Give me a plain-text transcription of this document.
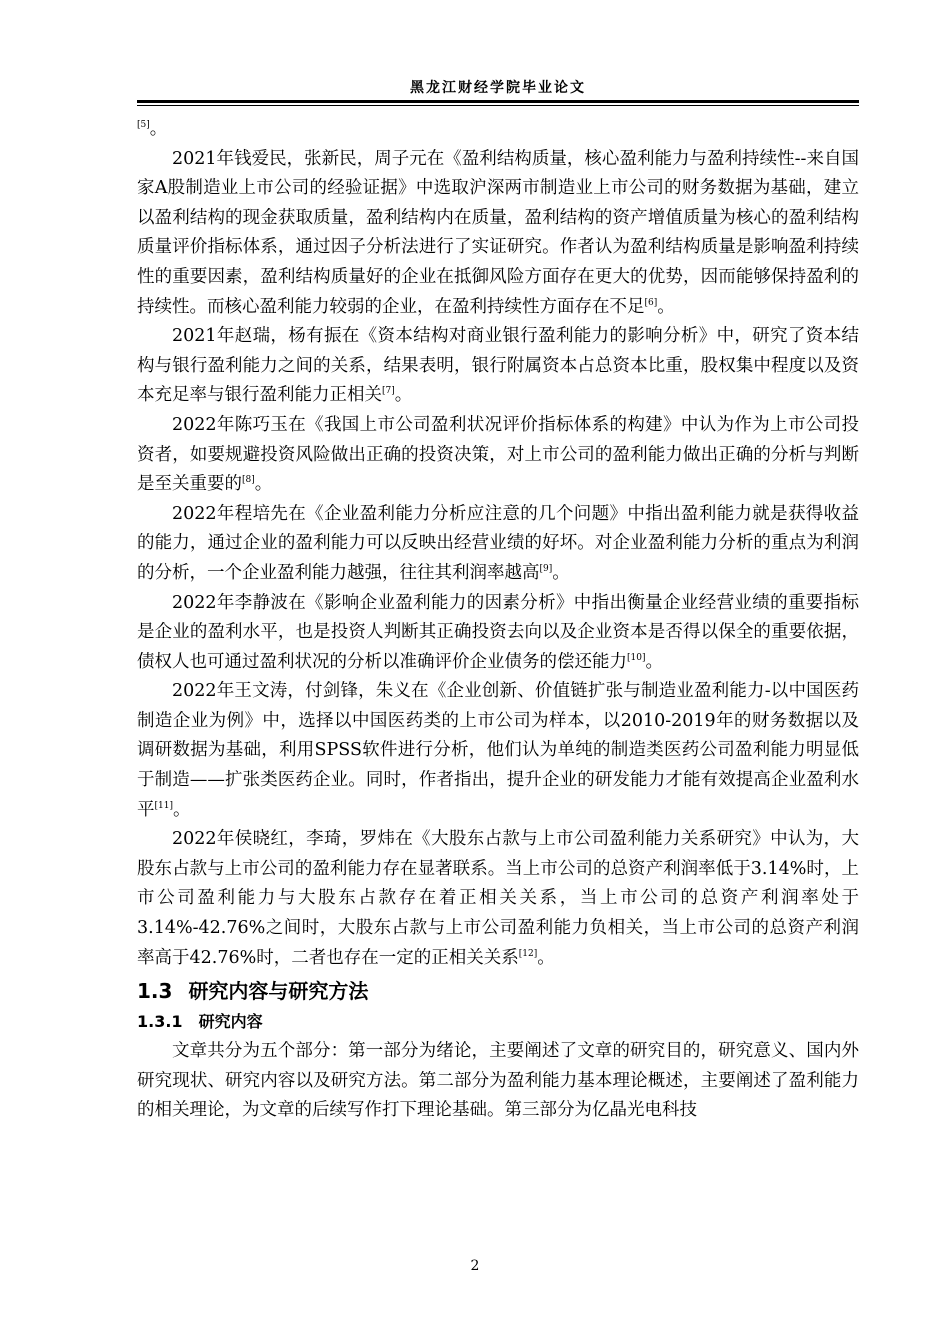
黑龙江财经学院毕业论文

[5]。

2021年钱爱民，张新民，周子元在《盈利结构质量，核心盈利能力与盈利持续性--来自国家A股制造业上市公司的经验证据》中选取沪深两市制造业上市公司的财务数据为基础，建立以盈利结构的现金获取质量，盈利结构内在质量，盈利结构的资产增值质量为核心的盈利结构质量评价指标体系，通过因子分析法进行了实证研究。作者认为盈利结构质量是影响盈利持续性的重要因素，盈利结构质量好的企业在抵御风险方面存在更大的优势，因而能够保持盈利的持续性。而核心盈利能力较弱的企业，在盈利持续性方面存在不足[6]。

2021年赵瑞，杨有振在《资本结构对商业银行盈利能力的影响分析》中，研究了资本结构与银行盈利能力之间的关系，结果表明，银行附属资本占总资本比重，股权集中程度以及资本充足率与银行盈利能力正相关[7]。

2022年陈巧玉在《我国上市公司盈利状况评价指标体系的构建》中认为作为上市公司投资者，如要规避投资风险做出正确的投资决策，对上市公司的盈利能力做出正确的分析与判断是至关重要的[8]。

2022年程培先在《企业盈利能力分析应注意的几个问题》中指出盈利能力就是获得收益的能力，通过企业的盈利能力可以反映出经营业绩的好坏。对企业盈利能力分析的重点为利润的分析，一个企业盈利能力越强，往往其利润率越高[9]。

2022年李静波在《影响企业盈利能力的因素分析》中指出衡量企业经营业绩的重要指标是企业的盈利水平，也是投资人判断其正确投资去向以及企业资本是否得以保全的重要依据，债权人也可通过盈利状况的分析以准确评价企业债务的偿还能力[10]。

2022年王文涛，付剑锋，朱义在《企业创新、价值链扩张与制造业盈利能力-以中国医药制造企业为例》中，选择以中国医药类的上市公司为样本，以2010-2019年的财务数据以及调研数据为基础，利用SPSS软件进行分析，他们认为单纯的制造类医药公司盈利能力明显低于制造——扩张类医药企业。同时，作者指出，提升企业的研发能力才能有效提高企业盈利水平[11]。

2022年侯晓红，李琦，罗炜在《大股东占款与上市公司盈利能力关系研究》中认为，大股东占款与上市公司的盈利能力存在显著联系。当上市公司的总资产利润率低于3.14%时，上市公司盈利能力与大股东占款存在着正相关关系，当上市公司的总资产利润率处于3.14%-42.76%之间时，大股东占款与上市公司盈利能力负相关，当上市公司的总资产利润率高于42.76%时，二者也存在一定的正相关关系[12]。

1.3 研究内容与研究方法
1.3.1 研究内容

文章共分为五个部分：第一部分为绪论，主要阐述了文章的研究目的，研究意义、国内外研究现状、研究内容以及研究方法。第二部分为盈利能力基本理论概述，主要阐述了盈利能力的相关理论，为文章的后续写作打下理论基础。第三部分为亿晶光电科技

2
